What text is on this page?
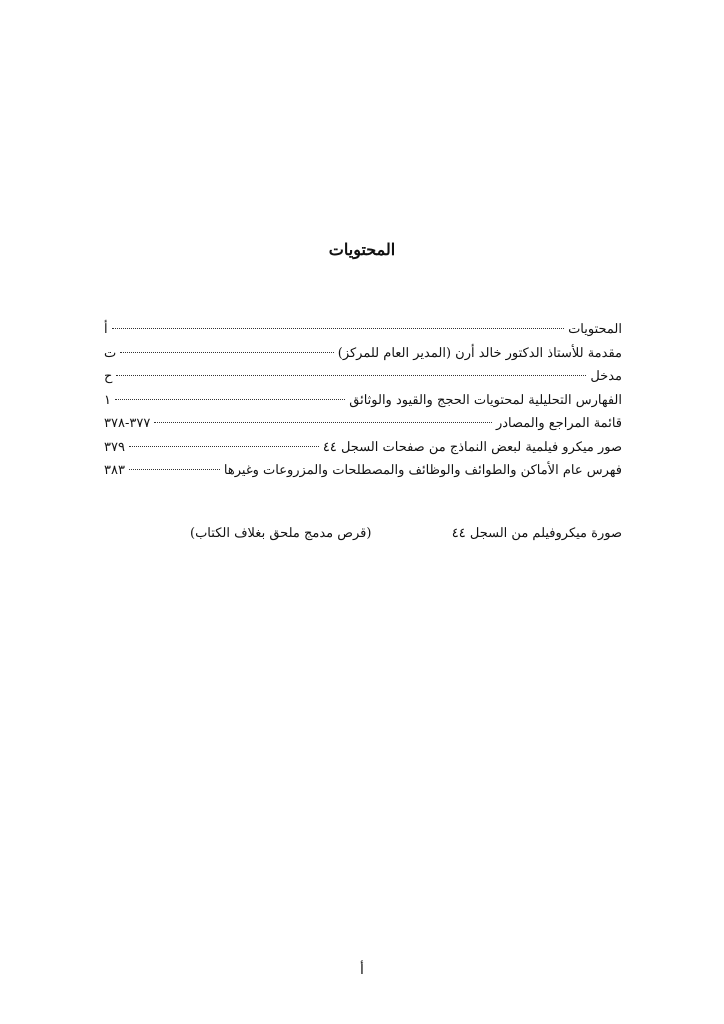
المحتويات
المحتويات
أ
مقدمة للأستاذ الدكتور خالد أرن (المدير العام للمركز)
ت
مدخل
ح
الفهارس التحليلية لمحتويات الحجج والقيود والوثائق
١
قائمة المراجع والمصادر
٣٧٧-٣٧٨
صور ميكرو فيلمية لبعض النماذج من صفحات السجل ٤٤
٣٧٩
فهرس عام الأماكن والطوائف والوظائف والمصطلحات والمزروعات وغيرها
٣٨٣
صورة ميكروفيلم من السجل ٤٤
(قرص مدمج ملحق بغلاف الكتاب)
أ
